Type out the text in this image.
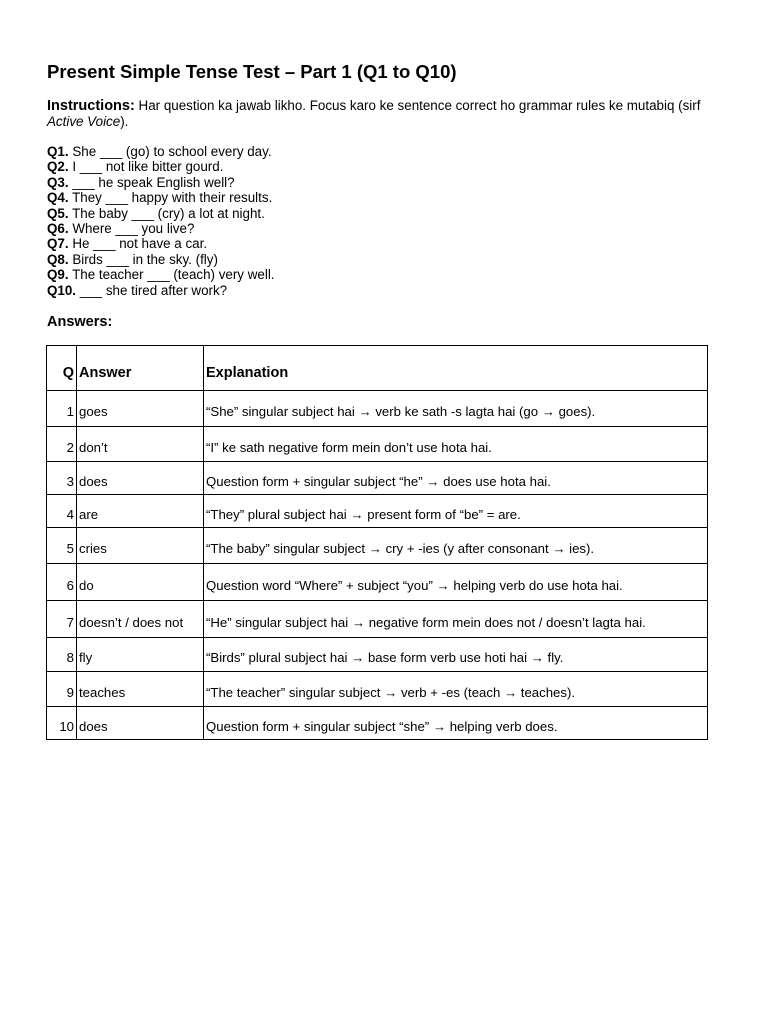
Present Simple Tense Test – Part 1 (Q1 to Q10)
Instructions: Har question ka jawab likho. Focus karo ke sentence correct ho grammar rules ke mutabiq (sirf Active Voice).
Q1. She ___ (go) to school every day.
Q2. I ___ not like bitter gourd.
Q3. ___ he speak English well?
Q4. They ___ happy with their results.
Q5. The baby ___ (cry) a lot at night.
Q6. Where ___ you live?
Q7. He ___ not have a car.
Q8. Birds ___ in the sky. (fly)
Q9. The teacher ___ (teach) very well.
Q10. ___ she tired after work?
Answers:
Q	Answer	Explanation
1	goes	“She” singular subject hai → verb ke sath -s lagta hai (go → goes).
2	don’t	“I” ke sath negative form mein don’t use hota hai.
3	does	Question form + singular subject “he” → does use hota hai.
4	are	“They” plural subject hai → present form of “be” = are.
5	cries	“The baby” singular subject → cry + -ies (y after consonant → ies).
6	do	Question word “Where” + subject “you” → helping verb do use hota hai.
7	doesn’t / does not	“He” singular subject hai → negative form mein does not / doesn’t lagta hai.
8	fly	“Birds” plural subject hai → base form verb use hoti hai → fly.
9	teaches	“The teacher” singular subject → verb + -es (teach → teaches).
10	does	Question form + singular subject “she” → helping verb does.
